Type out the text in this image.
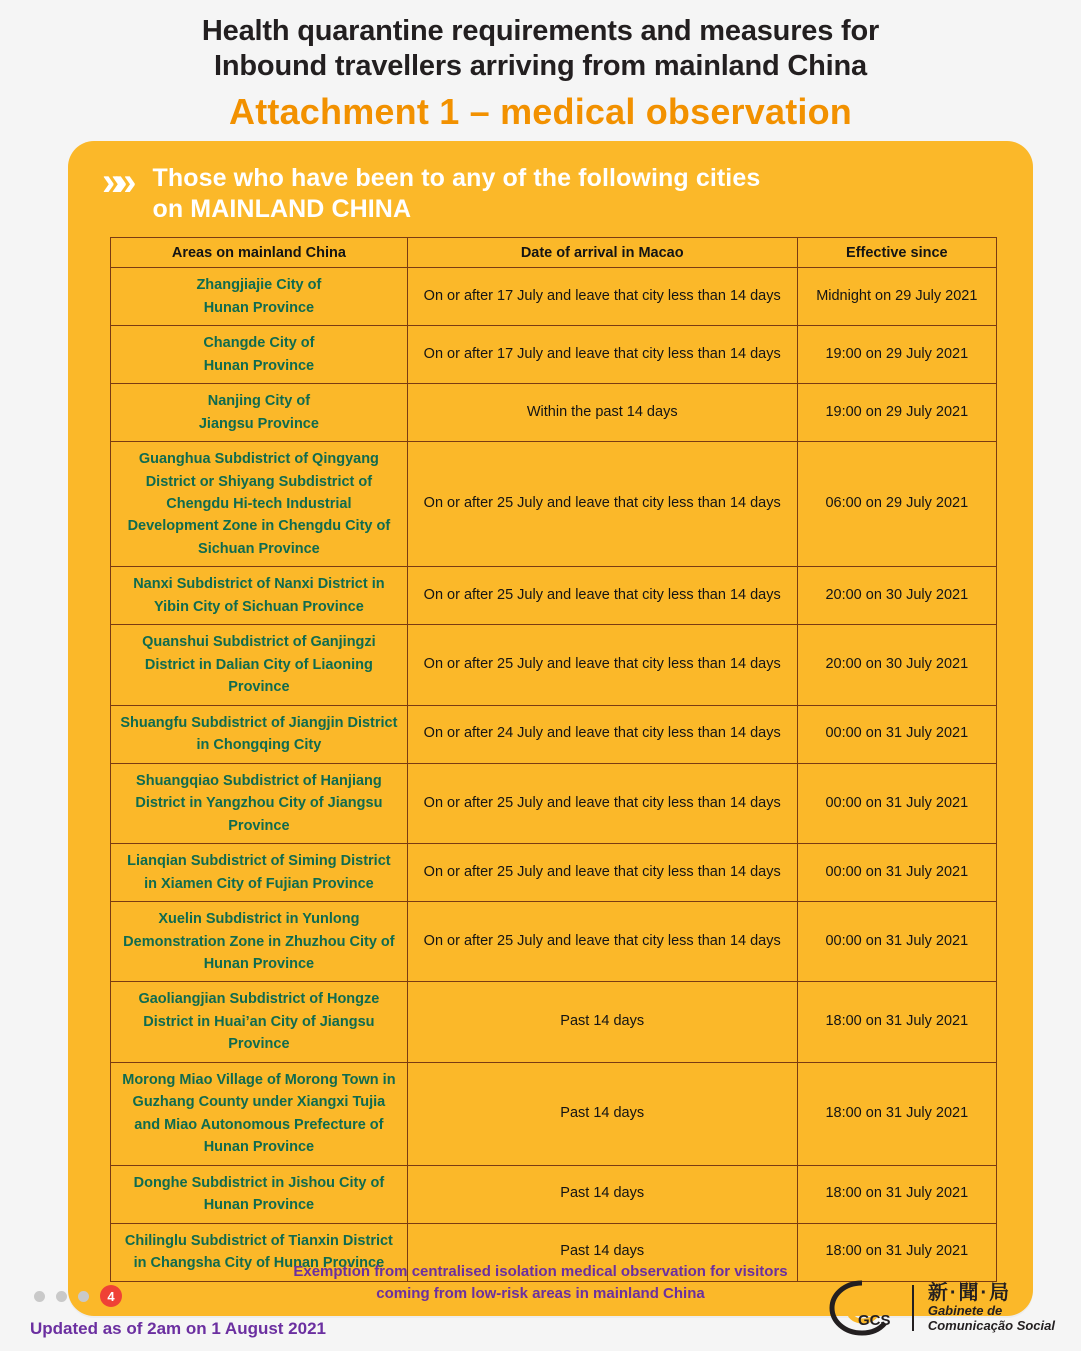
Health quarantine requirements and measures for
Inbound travellers arriving from mainland China
Attachment 1 – medical observation
»»	Those who have been to any of the following cities
on MAINLAND CHINA
Areas on mainland China	Date of arrival in Macao	Effective since
Zhangjiajie City of
Hunan Province	On or after 17 July and leave that city less than 14 days	Midnight on 29 July 2021
Changde City of
Hunan Province	On or after 17 July and leave that city less than 14 days	19:00 on 29 July 2021
Nanjing City of
Jiangsu Province	Within the past 14 days	19:00 on 29 July 2021
Guanghua Subdistrict of Qingyang District or Shiyang Subdistrict of Chengdu Hi-tech Industrial Development Zone in Chengdu City of Sichuan Province	On or after 25 July and leave that city less than 14 days	06:00 on 29 July 2021
Nanxi Subdistrict of Nanxi District in Yibin City of Sichuan Province	On or after 25 July and leave that city less than 14 days	20:00 on 30 July 2021
Quanshui Subdistrict of Ganjingzi District in Dalian City of Liaoning Province	On or after 25 July and leave that city less than 14 days	20:00 on 30 July 2021
Shuangfu Subdistrict of Jiangjin District in Chongqing City	On or after 24 July and leave that city less than 14 days	00:00 on 31 July 2021
Shuangqiao Subdistrict of Hanjiang District in Yangzhou City of Jiangsu Province	On or after 25 July and leave that city less than 14 days	00:00 on 31 July 2021
Lianqian Subdistrict of Siming District in Xiamen City of Fujian Province	On or after 25 July and leave that city less than 14 days	00:00 on 31 July 2021
Xuelin Subdistrict in Yunlong Demonstration Zone in Zhuzhou City of Hunan Province	On or after 25 July and leave that city less than 14 days	00:00 on 31 July 2021
Gaoliangjian Subdistrict of Hongze District in Huai’an City of Jiangsu Province	Past 14 days	18:00 on 31 July 2021
Morong Miao Village of Morong Town in Guzhang County under Xiangxi Tujia and Miao Autonomous Prefecture of Hunan Province	Past 14 days	18:00 on 31 July 2021
Donghe Subdistrict in Jishou City of Hunan Province	Past 14 days	18:00 on 31 July 2021
Chilinglu Subdistrict of Tianxin District in Changsha City of Hunan Province	Past 14 days	18:00 on 31 July 2021
Exemption from centralised isolation medical observation for visitors
coming from low-risk areas in mainland China
4
Updated as of 2am on 1 August 2021	GCS
新·聞·局
Gabinete de
Comunicação Social
